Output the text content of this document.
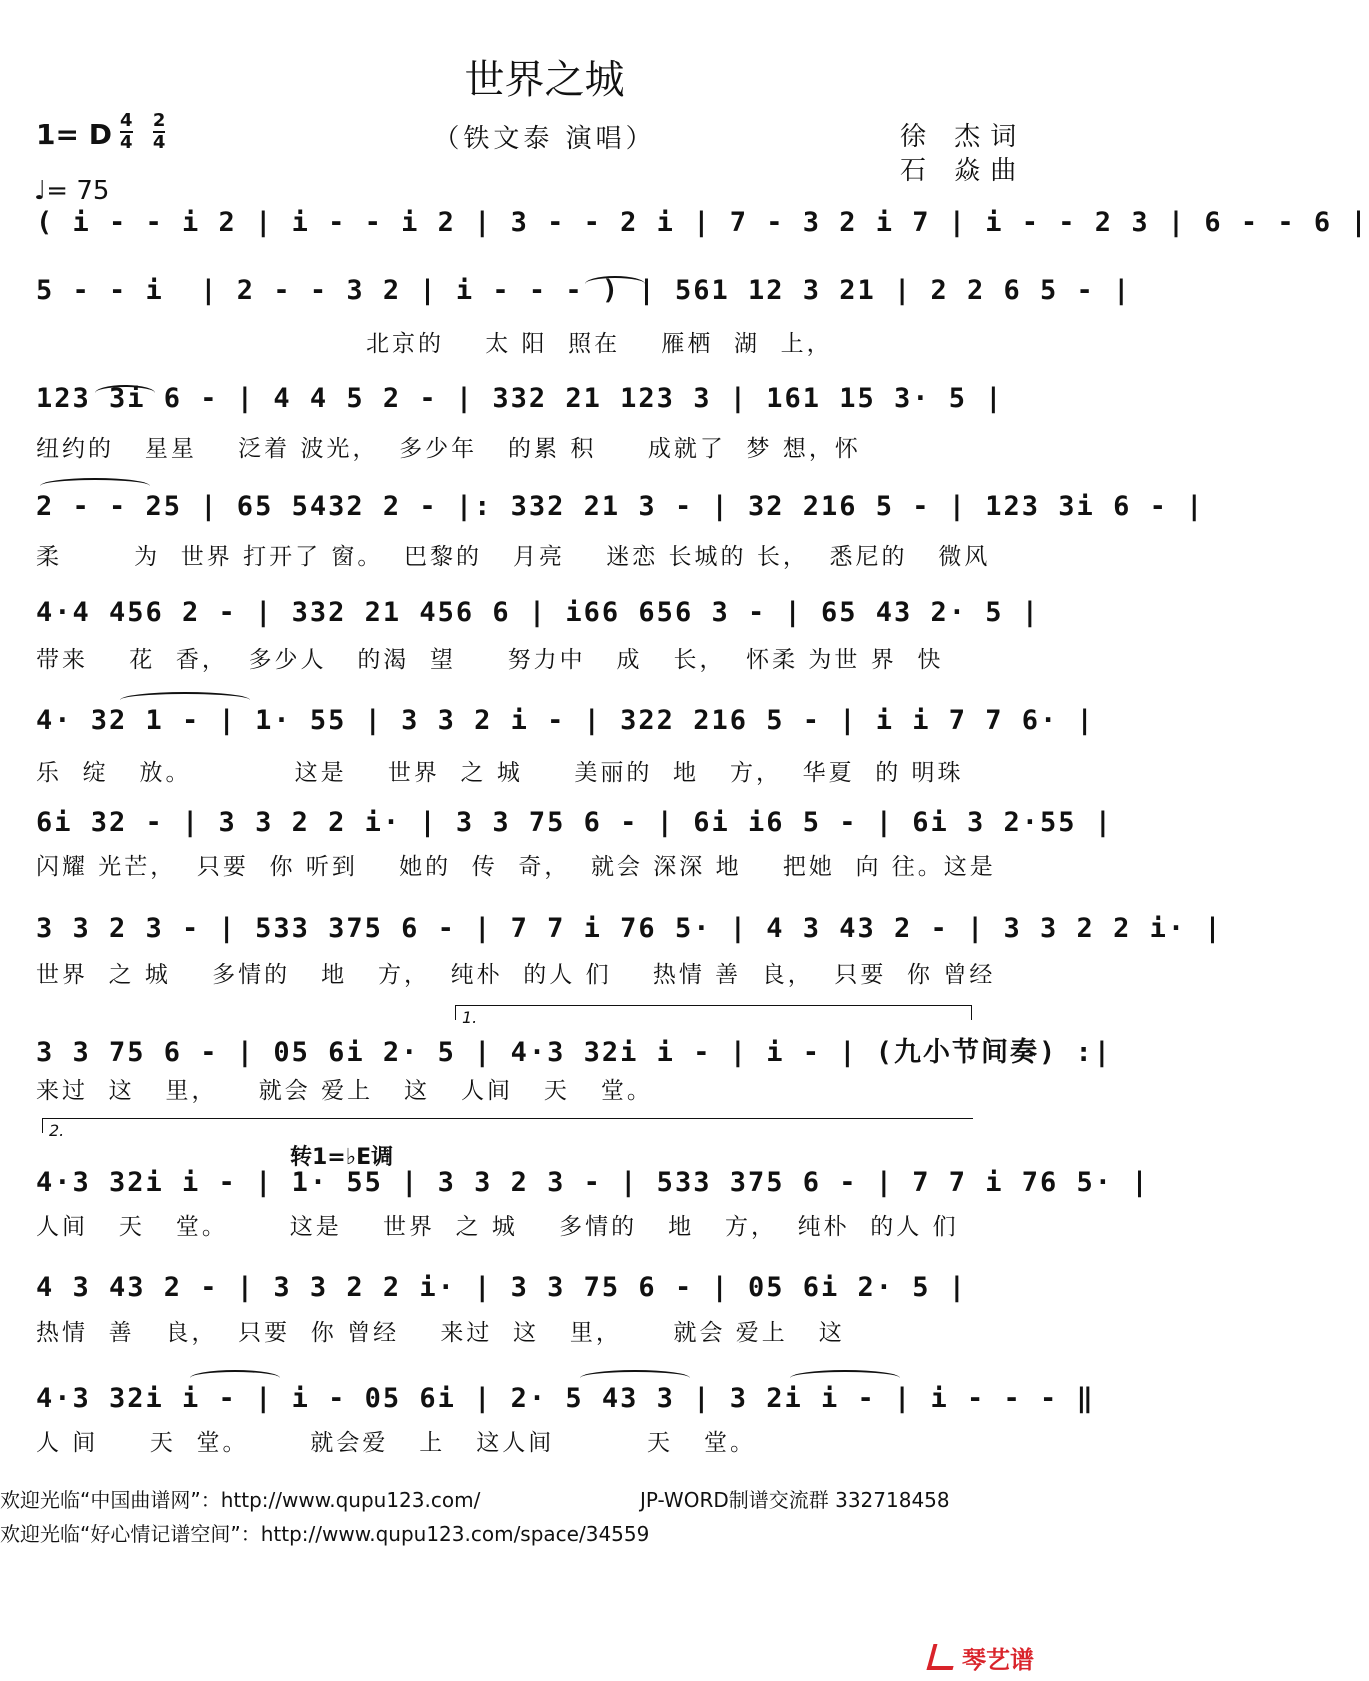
世界之城
（铁文泰 演唱）
1= D $\frac{4}{4} \frac{2}{4}$
♩= 75
徐 杰词
石 焱曲
( i - - i 2 | i - - i 2 | 3 - - 2 i | 7 - 3 2 i 7 | i - - 2 3 | 6 - - 6 |
5 - - i  | 2 - - 3 2 | i - - - ) | 561 12 3 21 | 2 2 6 5 - |
北京的    太 阳  照在    雁栖  湖  上，
123 3i 6 - | 4 4 5 2 - | 332 21 123 3 | 161 15 3· 5 |
纽约的   星星    泛着 波光，  多少年   的累 积     成就了  梦 想，怀
2 - - 25 | 65 5432 2 - |: 332 21 3 - | 32 216 5 - | 123 3i 6 - |
柔       为  世界 打开了 窗。  巴黎的   月亮    迷恋 长城的 长，  悉尼的   微风
4·4 456 2 - | 332 21 456 6 | i66 656 3 - | 65 43 2· 5 |
带来    花  香，  多少人   的渴  望     努力中   成   长，  怀柔 为世 界  快
4· 32 1 - | 1· 55 | 3 3 2 i - | 322 216 5 - | i i 7 7 6· |
乐  绽   放。          这是    世界  之 城     美丽的  地   方，  华夏  的 明珠
6i 32 - | 3 3 2 2 i· | 3 3 75 6 - | 6i i6 5 - | 6i 3 2·55 |
闪耀 光芒，  只要  你 听到    她的  传  奇，  就会 深深 地    把她  向 往。这是
3 3 2 3 - | 533 375 6 - | 7 7 i 76 5· | 4 3 43 2 - | 3 3 2 2 i· |
世界  之 城    多情的   地   方，  纯朴  的人 们    热情 善  良，  只要  你 曾经
1.
3 3 75 6 - | 05 6i 2· 5 | 4·3 32i i - | i - | (九小节间奏) :|
来过  这   里，    就会 爱上   这   人间   天   堂。
2.
转1=♭E调
4·3 32i i - | 1· 55 | 3 3 2 3 - | 533 375 6 - | 7 7 i 76 5· |
人间   天   堂。      这是    世界  之 城    多情的   地   方，  纯朴  的人 们
4 3 43 2 - | 3 3 2 2 i· | 3 3 75 6 - | 05 6i 2· 5 |
热情  善   良，  只要  你 曾经    来过  这   里，     就会 爱上   这
4·3 32i i - | i - 05 6i | 2· 5 43 3 | 3 2i i - | i - - - ‖
人 间     天  堂。      就会爱   上   这人间         天   堂。
欢迎光临“中国曲谱网”：http://www.qupu123.com/	JP-WORD制谱交流群 332718458
欢迎光临“好心情记谱空间”：http://www.qupu123.com/space/34559
琴艺谱
